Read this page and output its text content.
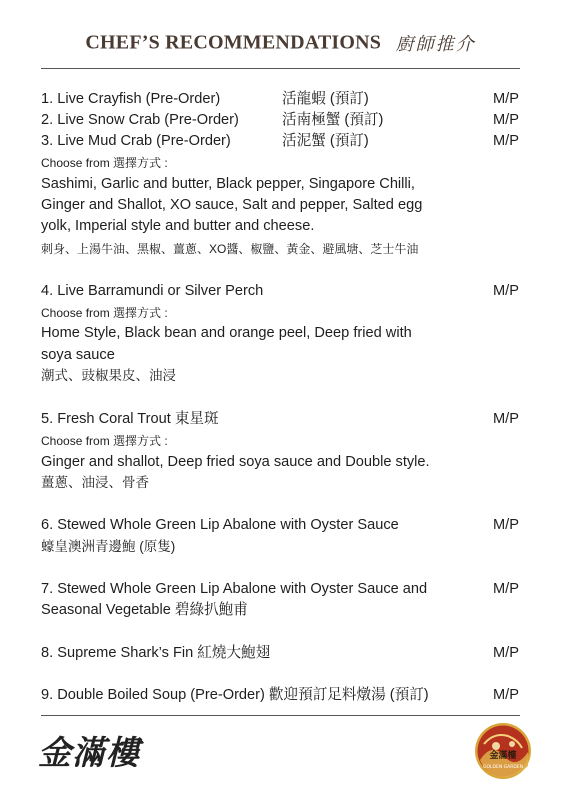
CHEF’S RECOMMENDATIONS 廚師推介
1. Live Crayfish (Pre-Order)	活龍蝦 (預訂)	M/P
2. Live Snow Crab (Pre-Order)	活南極蟹 (預訂)	M/P
3. Live Mud Crab (Pre-Order)	活泥蟹 (預訂)	M/P
Choose from 選擇方式 :
Sashimi, Garlic and butter, Black pepper, Singapore Chilli,
Ginger and Shallot, XO sauce, Salt and pepper, Salted egg
yolk, Imperial style and butter and cheese.
刺身、上湯牛油、黑椒、薑蔥、XO醬、椒鹽、黃金、避風塘、芝士牛油
4. Live Barramundi or Silver Perch	M/P
Choose from 選擇方式 :
Home Style, Black bean and orange peel, Deep fried with
soya sauce
潮式、豉椒果皮、油浸
5. Fresh Coral Trout 東星斑	M/P
Choose from 選擇方式 :
Ginger and shallot, Deep fried soya sauce and Double style.
薑蔥、油浸、骨香
6. Stewed Whole Green Lip Abalone with Oyster Sauce	M/P
蠔皇澳洲青邊鮑 (原隻)
7. Stewed Whole Green Lip Abalone with Oyster Sauce and	M/P
Seasonal Vegetable 碧綠扒鮑甫
8. Supreme Shark’s Fin 紅燒大鮑翅	M/P
9. Double Boiled Soup (Pre-Order) 歡迎預訂足料燉湯 (預訂)	M/P
金滿樓	金滿樓
GOLDEN GARDEN
